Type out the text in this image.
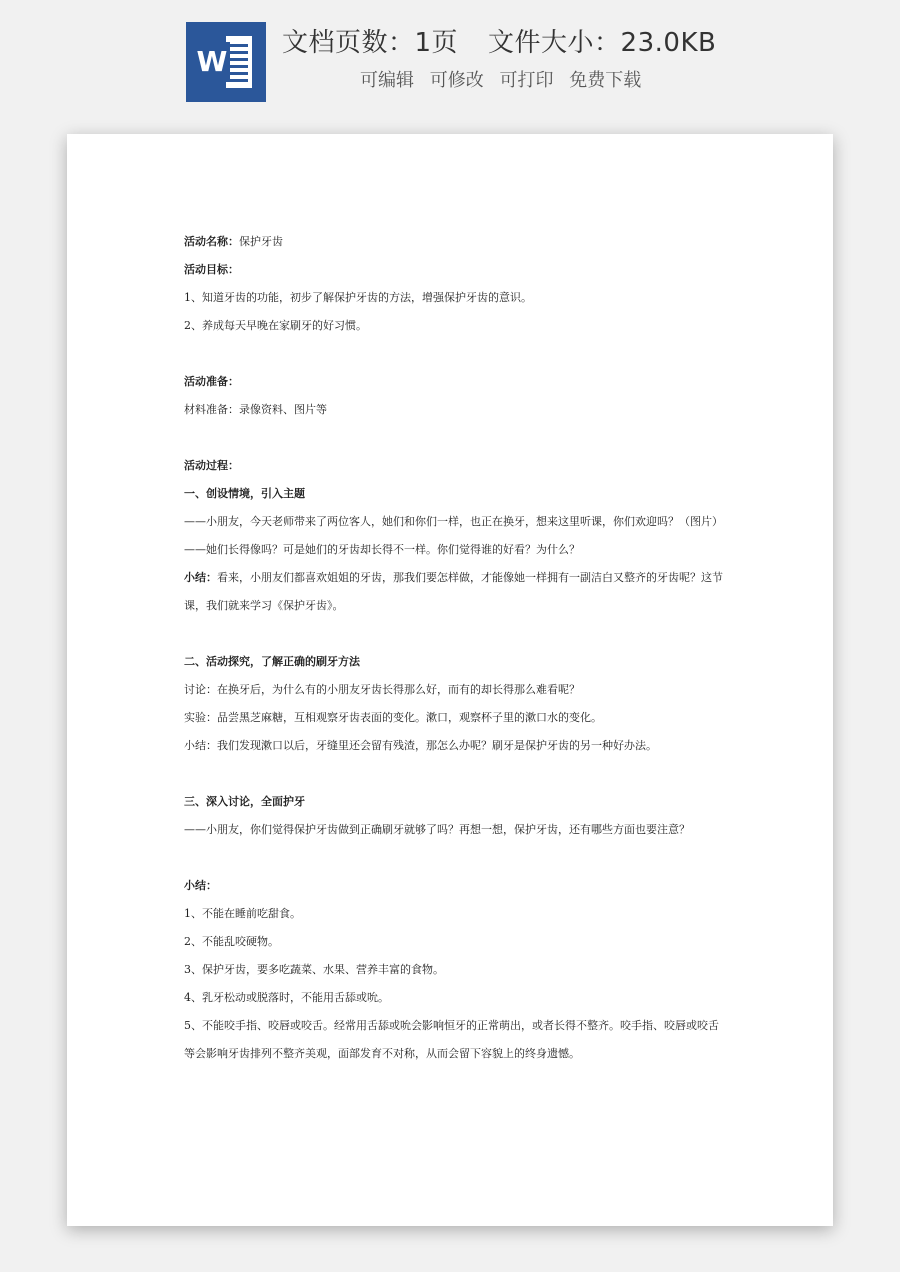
W
文档页数：1页 文件大小：23.0KB
可编辑 可修改 可打印 免费下载
活动名称：保护牙齿
活动目标：
1、知道牙齿的功能，初步了解保护牙齿的方法，增强保护牙齿的意识。
2、养成每天早晚在家刷牙的好习惯。
活动准备：
材料准备：录像资料、图片等
活动过程：
一、创设情境，引入主题
——小朋友，今天老师带来了两位客人，她们和你们一样，也正在换牙，想来这里听课，你们欢迎吗？（图片）
——她们长得像吗？可是她们的牙齿却长得不一样。你们觉得谁的好看？为什么？
小结：看来，小朋友们都喜欢姐姐的牙齿，那我们要怎样做，才能像她一样拥有一副洁白又整齐的牙齿呢？这节课，我们就来学习《保护牙齿》。
二、活动探究，了解正确的刷牙方法
讨论：在换牙后，为什么有的小朋友牙齿长得那么好，而有的却长得那么难看呢？
实验：品尝黑芝麻糖，互相观察牙齿表面的变化。漱口，观察杯子里的漱口水的变化。
小结：我们发现漱口以后，牙缝里还会留有残渣，那怎么办呢？刷牙是保护牙齿的另一种好办法。
三、深入讨论，全面护牙
——小朋友，你们觉得保护牙齿做到正确刷牙就够了吗？再想一想，保护牙齿，还有哪些方面也要注意？
小结：
1、不能在睡前吃甜食。
2、不能乱咬硬物。
3、保护牙齿，要多吃蔬菜、水果、营养丰富的食物。
4、乳牙松动或脱落时，不能用舌舔或吮。
5、不能咬手指、咬唇或咬舌。经常用舌舔或吮会影响恒牙的正常萌出，或者长得不整齐。咬手指、咬唇或咬舌等会影响牙齿排列不整齐美观，面部发育不对称，从而会留下容貌上的终身遗憾。
